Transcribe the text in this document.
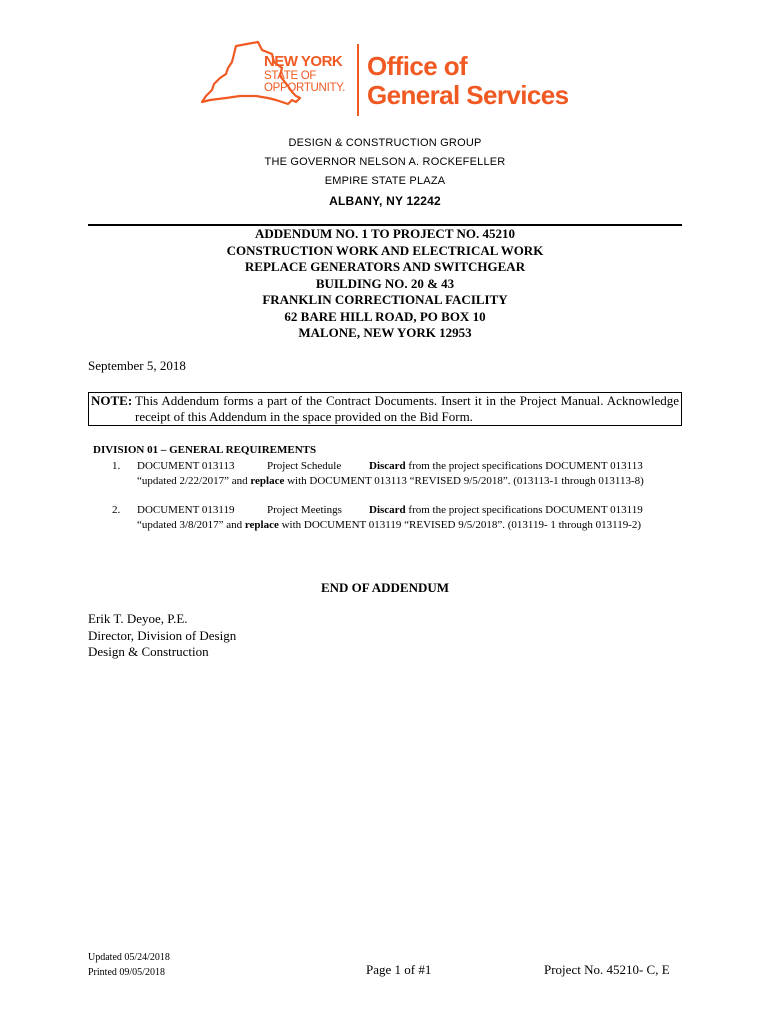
NEW YORK
STATE OF
OPPORTUNITY.
Office of
General Services
DESIGN & CONSTRUCTION GROUP
THE GOVERNOR NELSON A. ROCKEFELLER
EMPIRE STATE PLAZA
ALBANY, NY 12242
ADDENDUM NO. 1 TO PROJECT NO. 45210
CONSTRUCTION WORK AND ELECTRICAL WORK
REPLACE GENERATORS AND SWITCHGEAR
BUILDING NO. 20 & 43
FRANKLIN CORRECTIONAL FACILITY
62 BARE HILL ROAD, PO BOX 10
MALONE, NEW YORK 12953
September 5, 2018
NOTE: This Addendum forms a part of the Contract Documents. Insert it in the Project Manual. Acknowledge receipt of this Addendum in the space provided on the Bid Form.
DIVISION 01 – GENERAL REQUIREMENTS
1. DOCUMENT 013113	Project Schedule	Discard from the project specifications DOCUMENT 013113 “updated 2/22/2017” and replace with DOCUMENT 013113 “REVISED 9/5/2018”. (013113-1 through 013113-8)
2. DOCUMENT 013119	Project Meetings Discard from the project specifications DOCUMENT 013119 “updated 3/8/2017” and replace with DOCUMENT 013119 “REVISED 9/5/2018”. (013119- 1 through 013119-2)
END OF ADDENDUM
Erik T. Deyoe, P.E.
Director, Division of Design
Design & Construction
Updated 05/24/2018
Printed 09/05/2018	Page 1 of #1	Project No. 45210- C, E
